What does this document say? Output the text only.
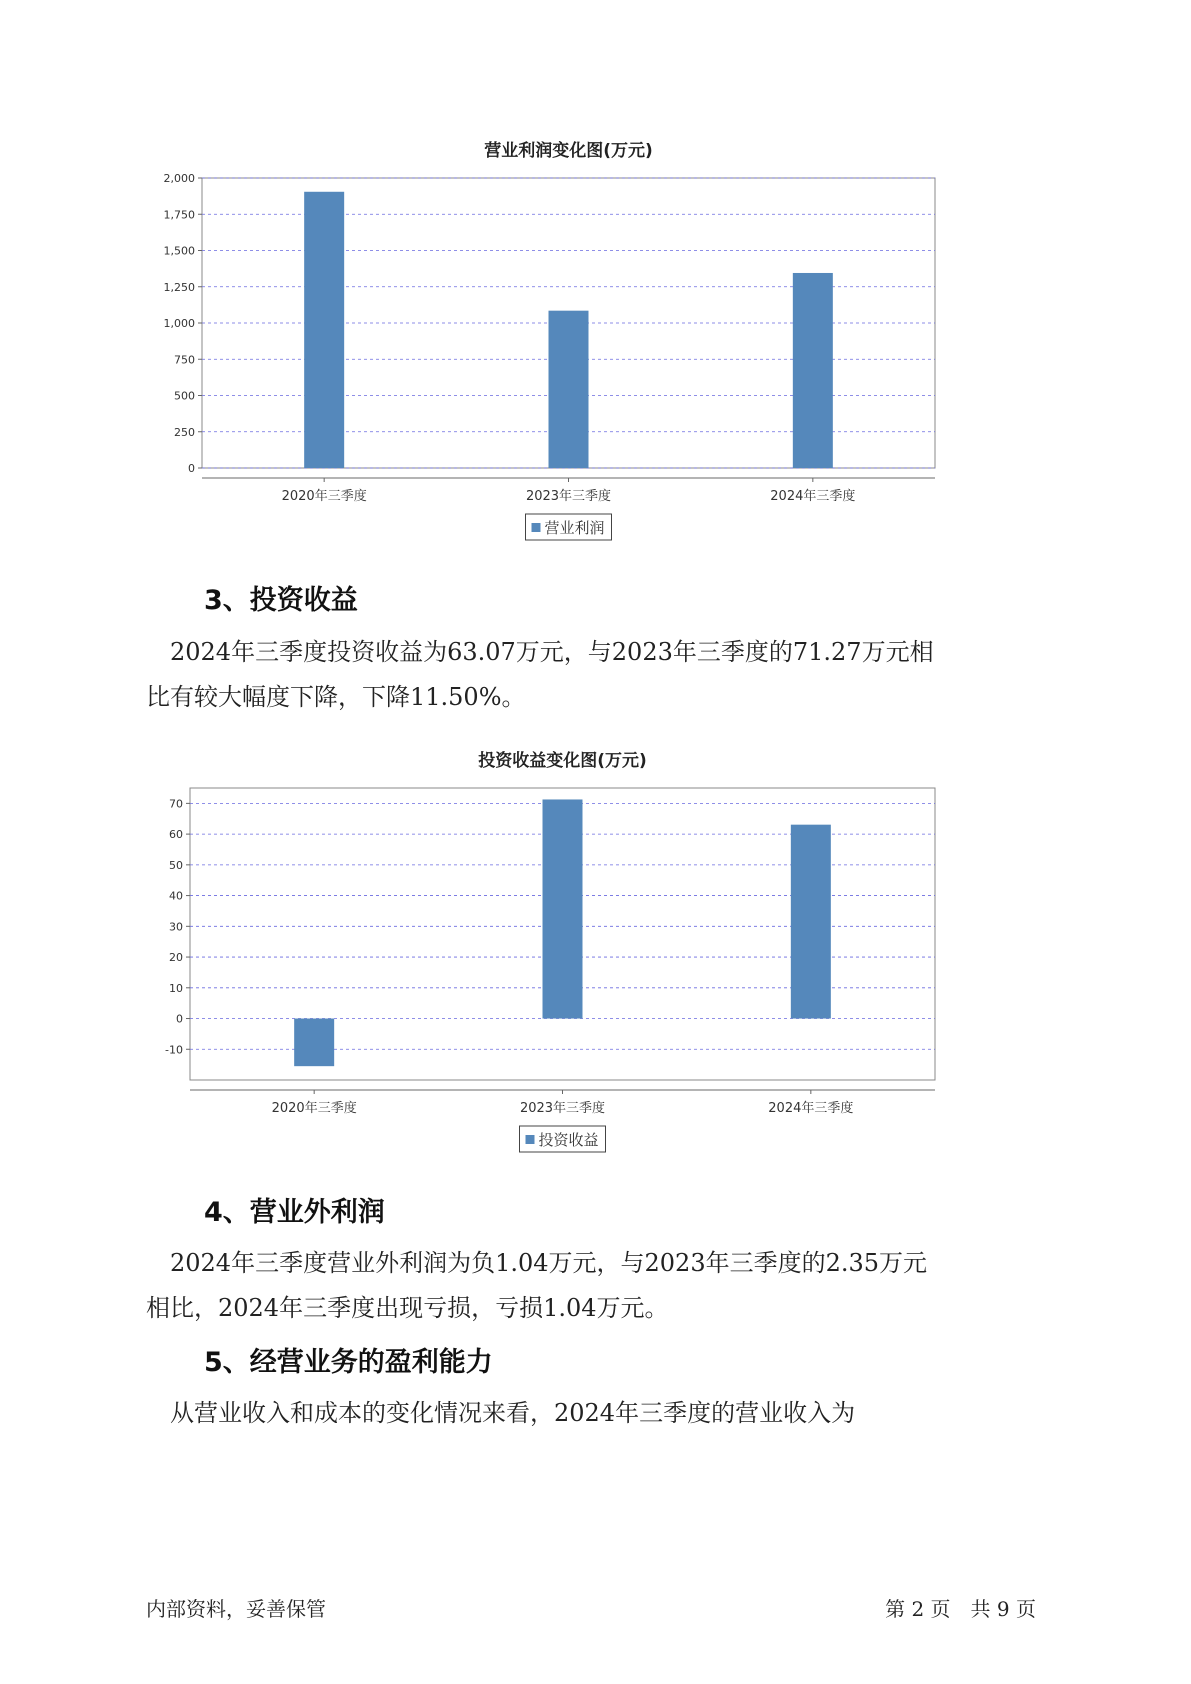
营业利润变化图(万元)
0
250
500
750
1,000
1,250
1,500
1,750
2,000
2020年三季度	2023年三季度	2024年三季度
营业利润
3、投资收益
　2024年三季度投资收益为63.07万元，与2023年三季度的71.27万元相
比有较大幅度下降，下降11.50%。
投资收益变化图(万元)
-10
0
10
20
30
40
50
60
70
2020年三季度	2023年三季度	2024年三季度
投资收益
4、营业外利润
　2024年三季度营业外利润为负1.04万元，与2023年三季度的2.35万元
相比，2024年三季度出现亏损，亏损1.04万元。
5、经营业务的盈利能力
　从营业收入和成本的变化情况来看，2024年三季度的营业收入为
内部资料，妥善保管	第 2 页　共 9 页
